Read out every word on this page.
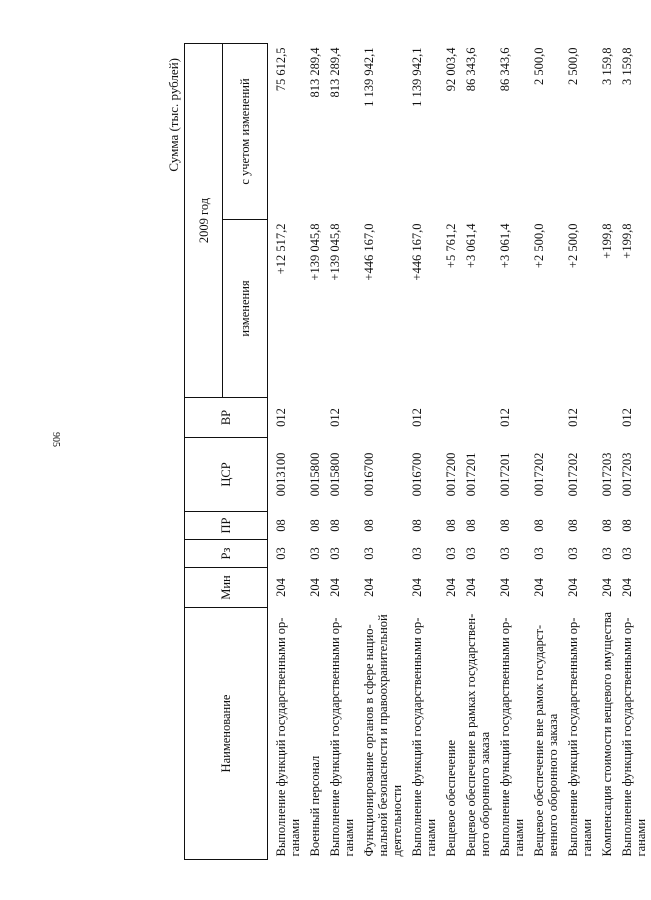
905
Сумма (тыс. рублей)
Наименование	Мин	Рз	ПР	ЦСР	ВР	2009 год	
						изменения	с учетом изменений
Выполнение функций государственными органами	204	03	08	0013100	012	+12 517,2	75 612,5
Военный персонал	204	03	08	0015800		+139 045,8	813 289,4
Выполнение функций государственными органами	204	03	08	0015800	012	+139 045,8	813 289,4
Функционирование органов в сфере национальной безопасности и правоохранительной деятельности	204	03	08	0016700		+446 167,0	1 139 942,1
Выполнение функций государственными органами	204	03	08	0016700	012	+446 167,0	1 139 942,1
Вещевое обеспечение	204	03	08	0017200		+5 761,2	92 003,4
Вещевое обеспечение в рамках государственного оборонного заказа	204	03	08	0017201		+3 061,4	86 343,6
Выполнение функций государственными органами	204	03	08	0017201	012	+3 061,4	86 343,6
Вещевое обеспечение вне рамок государственного оборонного заказа	204	03	08	0017202		+2 500,0	2 500,0
Выполнение функций государственными органами	204	03	08	0017202	012	+2 500,0	2 500,0
Компенсация стоимости вещевого имущества	204	03	08	0017203		+199,8	3 159,8
Выполнение функций государственными органами	204	03	08	0017203	012	+199,8	3 159,8
